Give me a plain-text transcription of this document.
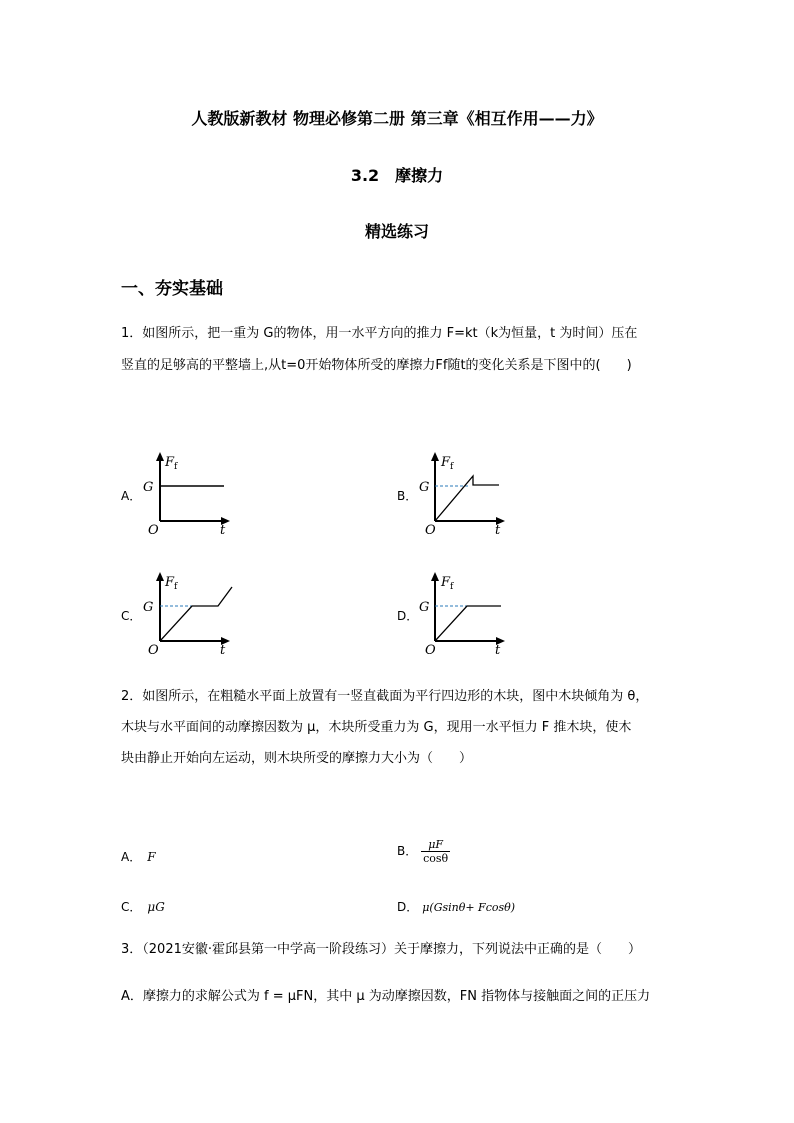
人教版新教材 物理必修第二册 第三章《相互作用——力》
3.2　摩擦力
精选练习
一、夯实基础
1．如图所示，把一重为 G的物体，用一水平方向的推力 F=kt（k为恒量，t 为时间）压在
竖直的足够高的平整墙上,从t=0开始物体所受的摩擦力Ff随t的变化关系是下图中的(　　)
A．
$F_f$
G
O	t
B．
$F_f$
G
O	t
C．
$F_f$
G
O	t
D．
$F_f$
G
O	t
2．如图所示，在粗糙水平面上放置有一竖直截面为平行四边形的木块，图中木块倾角为 θ，
木块与水平面间的动摩擦因数为 μ，木块所受重力为 G，现用一水平恒力 F 推木块，使木
块由静止开始向左运动，则木块所受的摩擦力大小为（　　）
A． F	B． $\frac{\mu F}{\cos\theta}$
C． μG	D． μ(Gsinθ+ Fcosθ)
3．（2021安徽·霍邱县第一中学高一阶段练习）关于摩擦力，下列说法中正确的是（　　）
A．摩擦力的求解公式为 f = μFN，其中 μ 为动摩擦因数，FN 指物体与接触面之间的正压力
